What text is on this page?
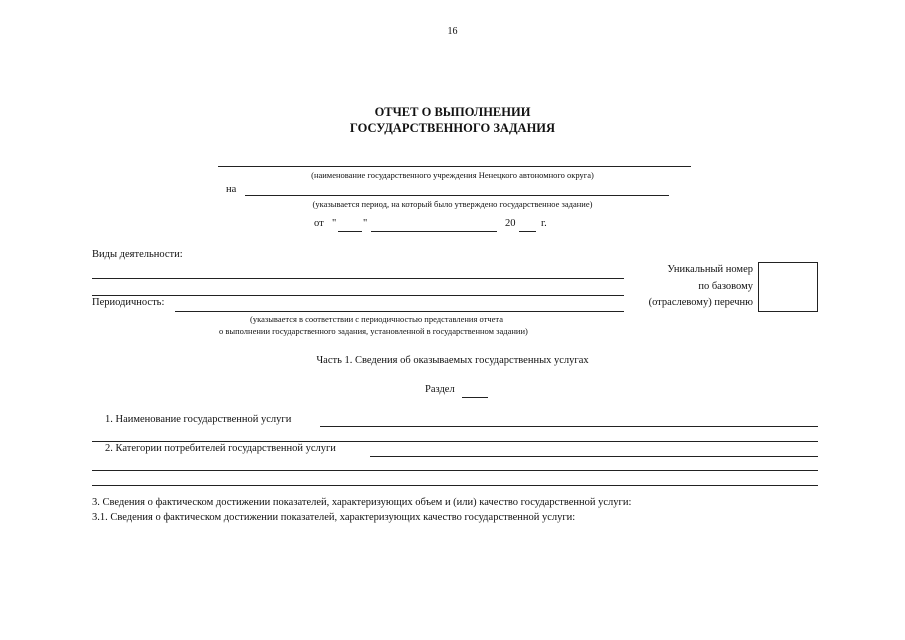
16
ОТЧЕТ О ВЫПОЛНЕНИИ
ГОСУДАРСТВЕННОГО ЗАДАНИЯ
(наименование государственного учреждения Ненецкого автономного округа)
на
(указывается период, на который было утверждено государственное задание)
от "	"	20 г.
Виды деятельности:
Уникальный номер
по базовому
(отраслевому) перечню
Периодичность:
(указывается в соответствии с периодичностью представления отчета
о выполнении государственного задания, установленной в государственном задании)
Часть 1. Сведения об оказываемых государственных услугах
Раздел
1. Наименование государственной услуги
2. Категории потребителей государственной услуги
3. Сведения о фактическом достижении показателей, характеризующих объем и (или) качество государственной услуги:
3.1. Сведения о фактическом достижении показателей, характеризующих качество государственной услуги:
